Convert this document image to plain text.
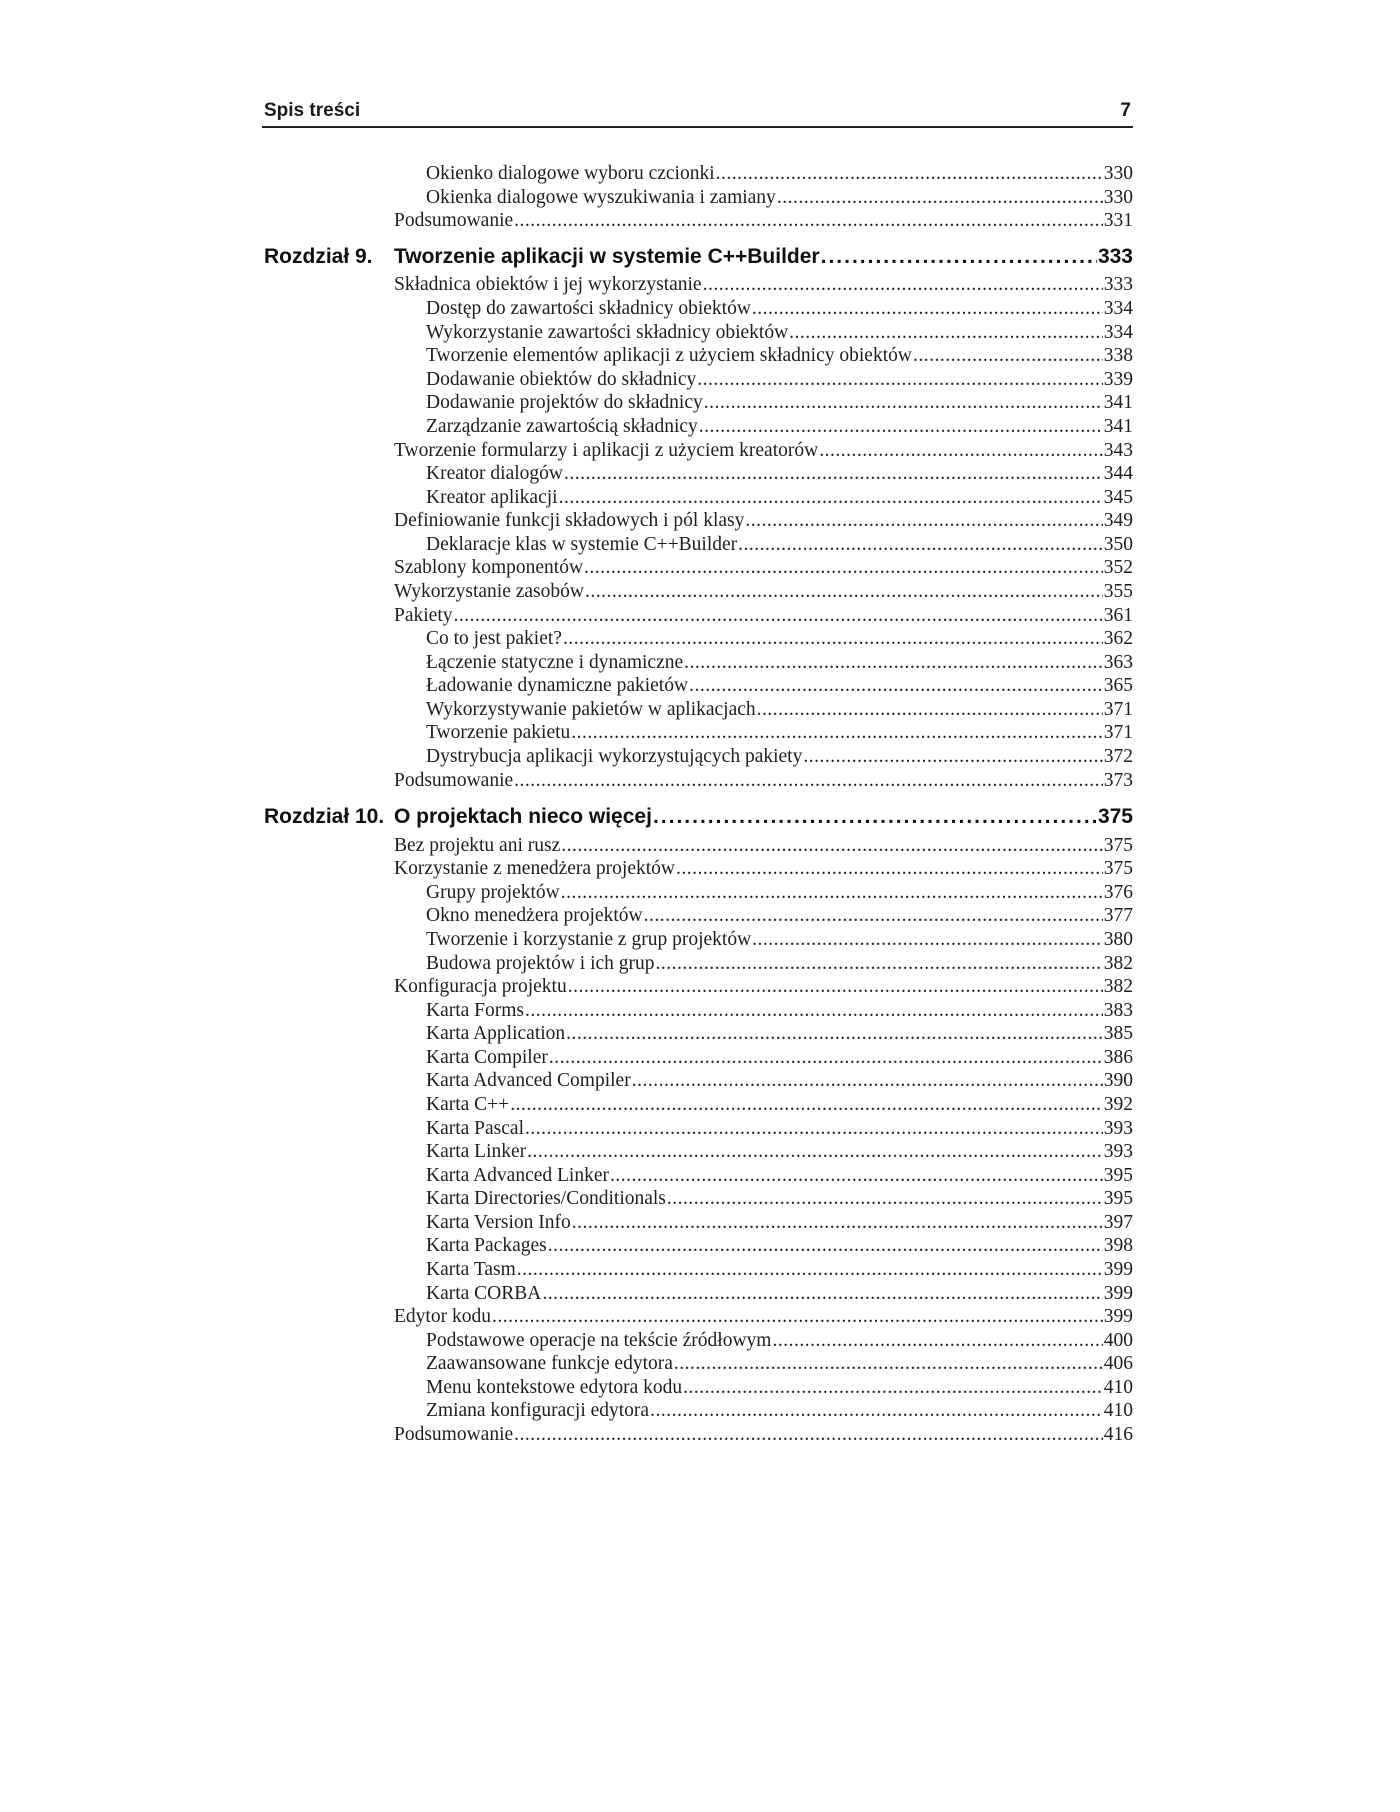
Spis treści	7
Okienko dialogowe wyboru czcionki .....	330
Okienka dialogowe wyszukiwania i zamiany .....	330
Podsumowanie .....	331
Rozdział 9. Tworzenie aplikacji w systemie C++Builder .....	333
Składnica obiektów i jej wykorzystanie .....	333
Dostęp do zawartości składnicy obiektów .....	334
Wykorzystanie zawartości składnicy obiektów .....	334
Tworzenie elementów aplikacji z użyciem składnicy obiektów .....	338
Dodawanie obiektów do składnicy .....	339
Dodawanie projektów do składnicy .....	341
Zarządzanie zawartością składnicy .....	341
Tworzenie formularzy i aplikacji z użyciem kreatorów .....	343
Kreator dialogów .....	344
Kreator aplikacji .....	345
Definiowanie funkcji składowych i pól klasy .....	349
Deklaracje klas w systemie C++Builder .....	350
Szablony komponentów .....	352
Wykorzystanie zasobów .....	355
Pakiety .....	361
Co to jest pakiet? .....	362
Łączenie statyczne i dynamiczne .....	363
Ładowanie dynamiczne pakietów .....	365
Wykorzystywanie pakietów w aplikacjach .....	371
Tworzenie pakietu .....	371
Dystrybucja aplikacji wykorzystujących pakiety .....	372
Podsumowanie .....	373
Rozdział 10. O projektach nieco więcej .....	375
Bez projektu ani rusz .....	375
Korzystanie z menedżera projektów .....	375
Grupy projektów .....	376
Okno menedżera projektów .....	377
Tworzenie i korzystanie z grup projektów .....	380
Budowa projektów i ich grup .....	382
Konfiguracja projektu .....	382
Karta Forms .....	383
Karta Application .....	385
Karta Compiler .....	386
Karta Advanced Compiler .....	390
Karta C++ .....	392
Karta Pascal .....	393
Karta Linker .....	393
Karta Advanced Linker .....	395
Karta Directories/Conditionals .....	395
Karta Version Info .....	397
Karta Packages .....	398
Karta Tasm .....	399
Karta CORBA .....	399
Edytor kodu .....	399
Podstawowe operacje na tekście źródłowym .....	400
Zaawansowane funkcje edytora .....	406
Menu kontekstowe edytora kodu .....	410
Zmiana konfiguracji edytora .....	410
Podsumowanie .....	416
